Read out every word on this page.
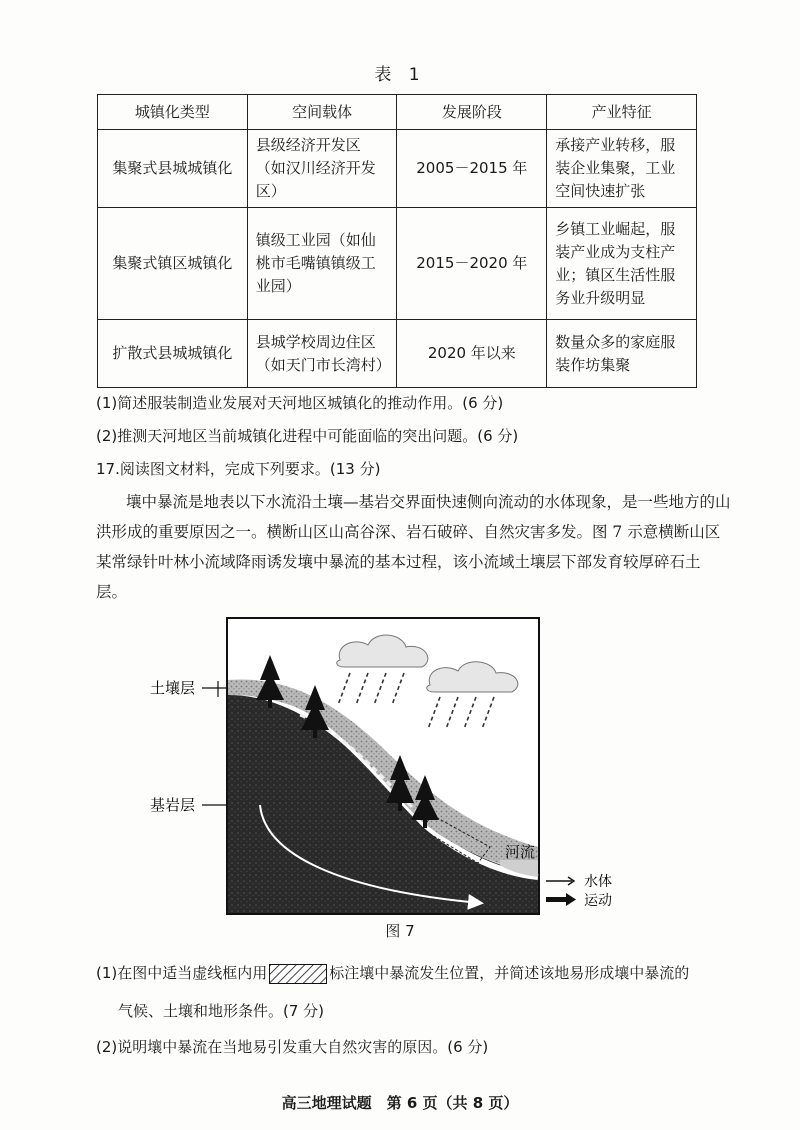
表 1
城镇化类型	空间载体	发展阶段	产业特征
集聚式县城城镇化	县级经济开发区（如汉川经济开发区）	2005－2015 年	承接产业转移，服装企业集聚，工业空间快速扩张
集聚式镇区城镇化	镇级工业园（如仙桃市毛嘴镇镇级工业园）	2015－2020 年	乡镇工业崛起，服装产业成为支柱产业；镇区生活性服务业升级明显
扩散式县城城镇化	县城学校周边住区（如天门市长湾村）	2020 年以来	数量众多的家庭服装作坊集聚
(1)简述服装制造业发展对天河地区城镇化的推动作用。(6 分)
(2)推测天河地区当前城镇化进程中可能面临的突出问题。(6 分)
17.阅读图文材料，完成下列要求。(13 分)
壤中暴流是地表以下水流沿土壤—基岩交界面快速侧向流动的水体现象，是一些地方的山洪形成的重要原因之一。横断山区山高谷深、岩石破碎、自然灾害多发。图 7 示意横断山区某常绿针叶林小流域降雨诱发壤中暴流的基本过程，该小流域土壤层下部发育较厚碎石土层。
河流
土壤层
基岩层
水体
运动
图 7
(1)在图中适当虚线框内用	标注壤中暴流发生位置，并简述该地易形成壤中暴流的
气候、土壤和地形条件。(7 分)
(2)说明壤中暴流在当地易引发重大自然灾害的原因。(6 分)
高三地理试题　第 6 页（共 8 页）
